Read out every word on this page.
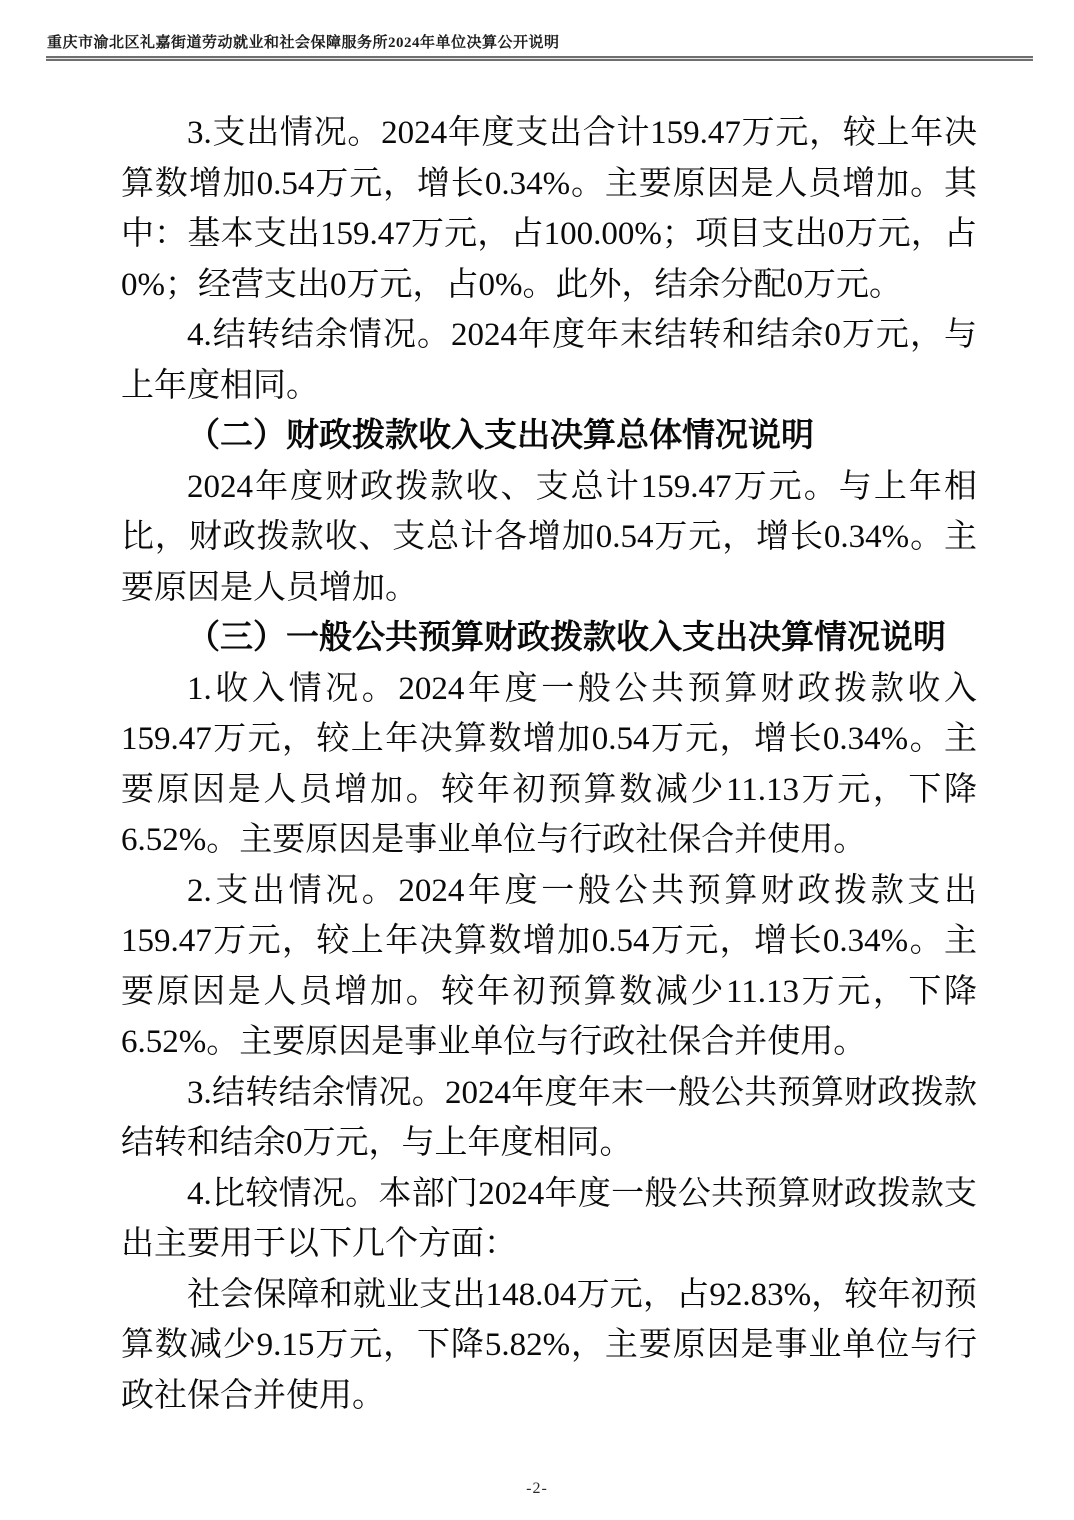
重庆市渝北区礼嘉街道劳动就业和社会保障服务所2024年单位决算公开说明

3.支出情况。2024年度支出合计159.47万元，较上年决算数增加0.54万元，增长0.34%。主要原因是人员增加。其中：基本支出159.47万元，占100.00%；项目支出0万元，占0%；经营支出0万元，占0%。此外，结余分配0万元。

4.结转结余情况。2024年度年末结转和结余0万元，与上年度相同。

（二）财政拨款收入支出决算总体情况说明

2024年度财政拨款收、支总计159.47万元。与上年相比，财政拨款收、支总计各增加0.54万元，增长0.34%。主要原因是人员增加。

（三）一般公共预算财政拨款收入支出决算情况说明

1.收入情况。2024年度一般公共预算财政拨款收入159.47万元，较上年决算数增加0.54万元，增长0.34%。主要原因是人员增加。较年初预算数减少11.13万元，下降6.52%。主要原因是事业单位与行政社保合并使用。

2.支出情况。2024年度一般公共预算财政拨款支出159.47万元，较上年决算数增加0.54万元，增长0.34%。主要原因是人员增加。较年初预算数减少11.13万元，下降6.52%。主要原因是事业单位与行政社保合并使用。

3.结转结余情况。2024年度年末一般公共预算财政拨款结转和结余0万元，与上年度相同。

4.比较情况。本部门2024年度一般公共预算财政拨款支出主要用于以下几个方面：

社会保障和就业支出148.04万元，占92.83%，较年初预算数减少9.15万元，下降5.82%，主要原因是事业单位与行政社保合并使用。

-2-
